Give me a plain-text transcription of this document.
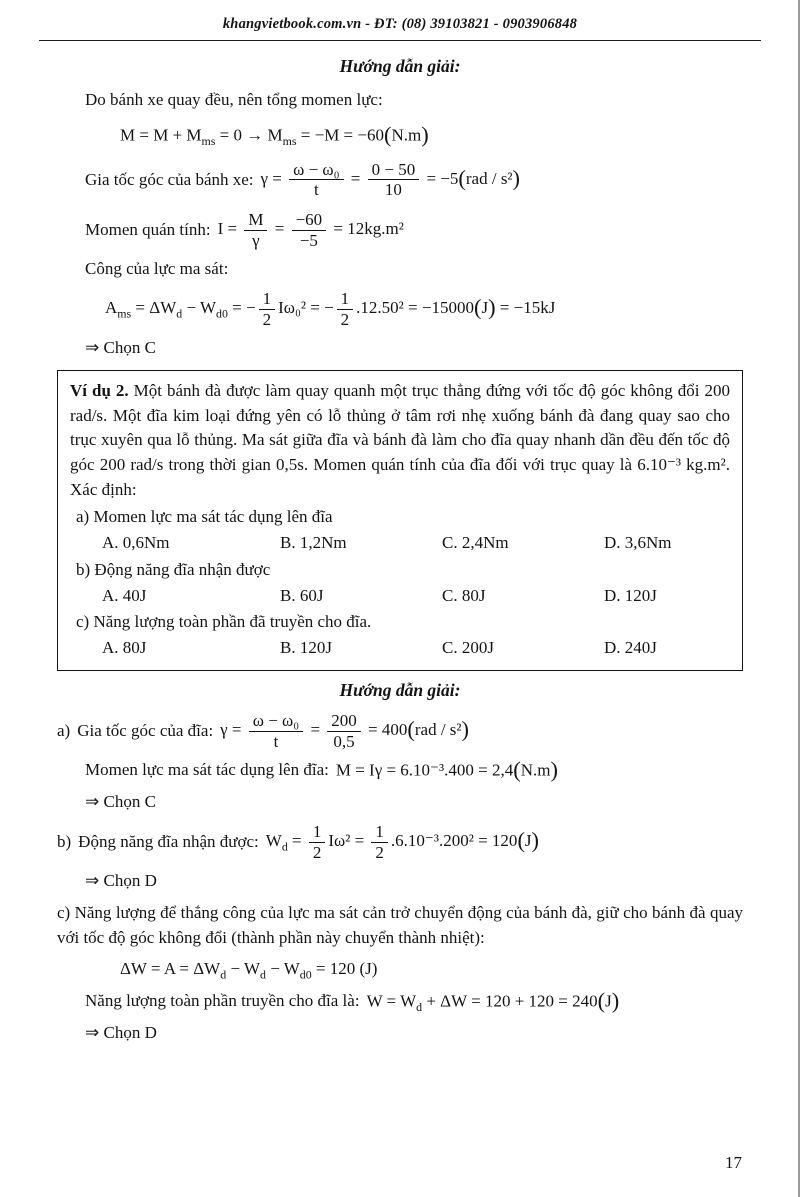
khangvietbook.com.vn - ĐT: (08) 39103821 - 0903906848
Hướng dẫn giải:

Do bánh xe quay đều, nên tổng momen lực:

$M = M + M_{ms} = 0 \to M_{ms} = -M = -60(N.m)$
Gia tốc góc của bánh xe: $\gamma = \frac{\text{ω − ω₀}}{t} = \frac{0 - 50}{10} = -5(rad / s^2)$
Momen quán tính: $I = \frac{M}{\gamma} = \frac{-60}{-5} = 12kg.m^2$

Công của lực ma sát:

$A_{ms} = \Delta W_d - W_{d0}$ = − $\frac{1}{2} I\omega_0^2$ = − $\frac{1}{2} .12.50^2 = -15000(J) = -15kJ$

⇒ Chọn C

Ví dụ 2. Một bánh đà được làm quay quanh một trục thẳng đứng với tốc độ góc không đổi 200 rad/s. Một đĩa kim loại đứng yên có lỗ thủng ở tâm rơi nhẹ xuống bánh đà đang quay sao cho trục xuyên qua lỗ thủng. Ma sát giữa đĩa và bánh đà làm cho đĩa quay nhanh dần đều đến tốc độ góc 200 rad/s trong thời gian 0,5s. Momen quán tính của đĩa đối với trục quay là 6.10⁻³ kg.m². Xác định:

a) Momen lực ma sát tác dụng lên đĩa

A. 0,6Nm	B. 1,2Nm	C. 2,4Nm	D. 3,6Nm

b) Động năng đĩa nhận được

A. 40J	B. 60J	C. 80J	D. 120J

c) Năng lượng toàn phần đã truyền cho đĩa.

A. 80J	B. 120J	C. 200J	D. 240J
Hướng dẫn giải:
a) Gia tốc góc của đĩa: $\gamma = \frac{\text{ω − ω₀}}{t} = \frac{200}{0,5} = 400(rad / s^2)$
Momen lực ma sát tác dụng lên đĩa: M = Iγ = 6.10⁻³.400 = 2,4(N.m)

⇒ Chọn C

b) Động năng đĩa nhận được: $W_d = \frac{1}{2} I\omega^2 = \frac{1}{2} .6.10^{-3}.200^2 = 120(J)$

⇒ Chọn D

c) Năng lượng để thắng công của lực ma sát cản trở chuyển động của bánh đà, giữ cho bánh đà quay với tốc độ góc không đổi (thành phần này chuyển thành nhiệt):

$\Delta W = A = \Delta W_d - W_d - W_{d0} = 120$ (J)
Năng lượng toàn phần truyền cho đĩa là: $W = W_d + \Delta W = 120 + 120 = 240(J)$

⇒ Chọn D

17
